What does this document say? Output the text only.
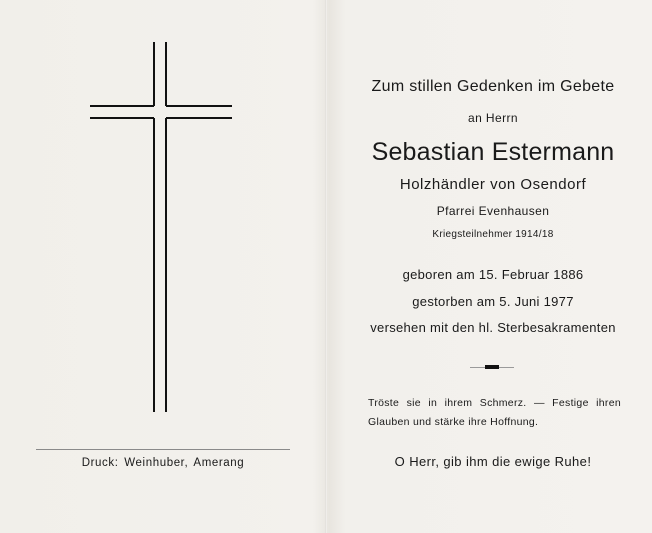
Druck: Weinhuber, Amerang
Zum stillen Gedenken im Gebete
an Herrn
Sebastian Estermann
Holzhändler von Osendorf
Pfarrei Evenhausen
Kriegsteilnehmer 1914/18
geboren am 15. Februar 1886
gestorben am 5. Juni 1977
versehen mit den hl. Sterbesakramenten
Tröste sie in ihrem Schmerz. — Festige ihren
Glauben und stärke ihre Hoffnung.
O Herr, gib ihm die ewige Ruhe!
